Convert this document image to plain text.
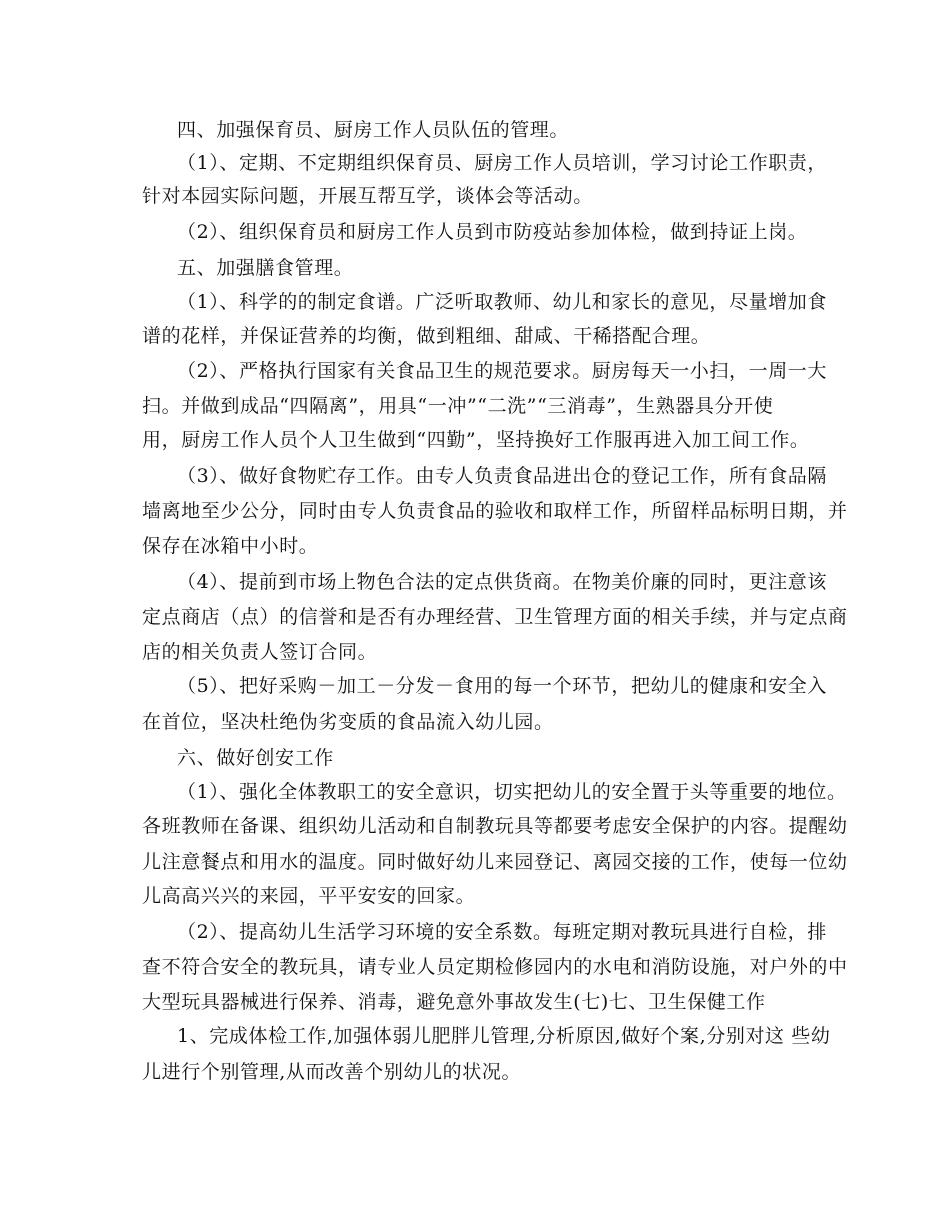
四、加强保育员、厨房工作人员队伍的管理。
（1）、定期、不定期组织保育员、厨房工作人员培训，学习讨论工作职责，
针对本园实际问题，开展互帮互学，谈体会等活动。
（2）、组织保育员和厨房工作人员到市防疫站参加体检，做到持证上岗。
五、加强膳食管理。
（1）、科学的的制定食谱。广泛听取教师、幼儿和家长的意见，尽量增加食
谱的花样，并保证营养的均衡，做到粗细、甜咸、干稀搭配合理。
（2）、严格执行国家有关食品卫生的规范要求。厨房每天一小扫，一周一大
扫。并做到成品“四隔离”，用具“一冲”“二洗”“三消毒”，生熟器具分开使
用，厨房工作人员个人卫生做到“四勤”，坚持换好工作服再进入加工间工作。
（3）、做好食物贮存工作。由专人负责食品进出仓的登记工作，所有食品隔
墙离地至少公分，同时由专人负责食品的验收和取样工作，所留样品标明日期，并
保存在冰箱中小时。
（4）、提前到市场上物色合法的定点供货商。在物美价廉的同时，更注意该
定点商店（点）的信誉和是否有办理经营、卫生管理方面的相关手续，并与定点商
店的相关负责人签订合同。
（5）、把好采购－加工－分发－食用的每一个环节，把幼儿的健康和安全入
在首位，坚决杜绝伪劣变质的食品流入幼儿园。
六、做好创安工作
（1）、强化全体教职工的安全意识，切实把幼儿的安全置于头等重要的地位。
各班教师在备课、组织幼儿活动和自制教玩具等都要考虑安全保护的内容。提醒幼
儿注意餐点和用水的温度。同时做好幼儿来园登记、离园交接的工作，使每一位幼
儿高高兴兴的来园，平平安安的回家。
（2）、提高幼儿生活学习环境的安全系数。每班定期对教玩具进行自检，排
查不符合安全的教玩具，请专业人员定期检修园内的水电和消防设施，对户外的中
大型玩具器械进行保养、消毒，避免意外事故发生(七)七、卫生保健工作
1、完成体检工作,加强体弱儿肥胖儿管理,分析原因,做好个案,分别对这 些幼
儿进行个别管理,从而改善个别幼儿的状况。
